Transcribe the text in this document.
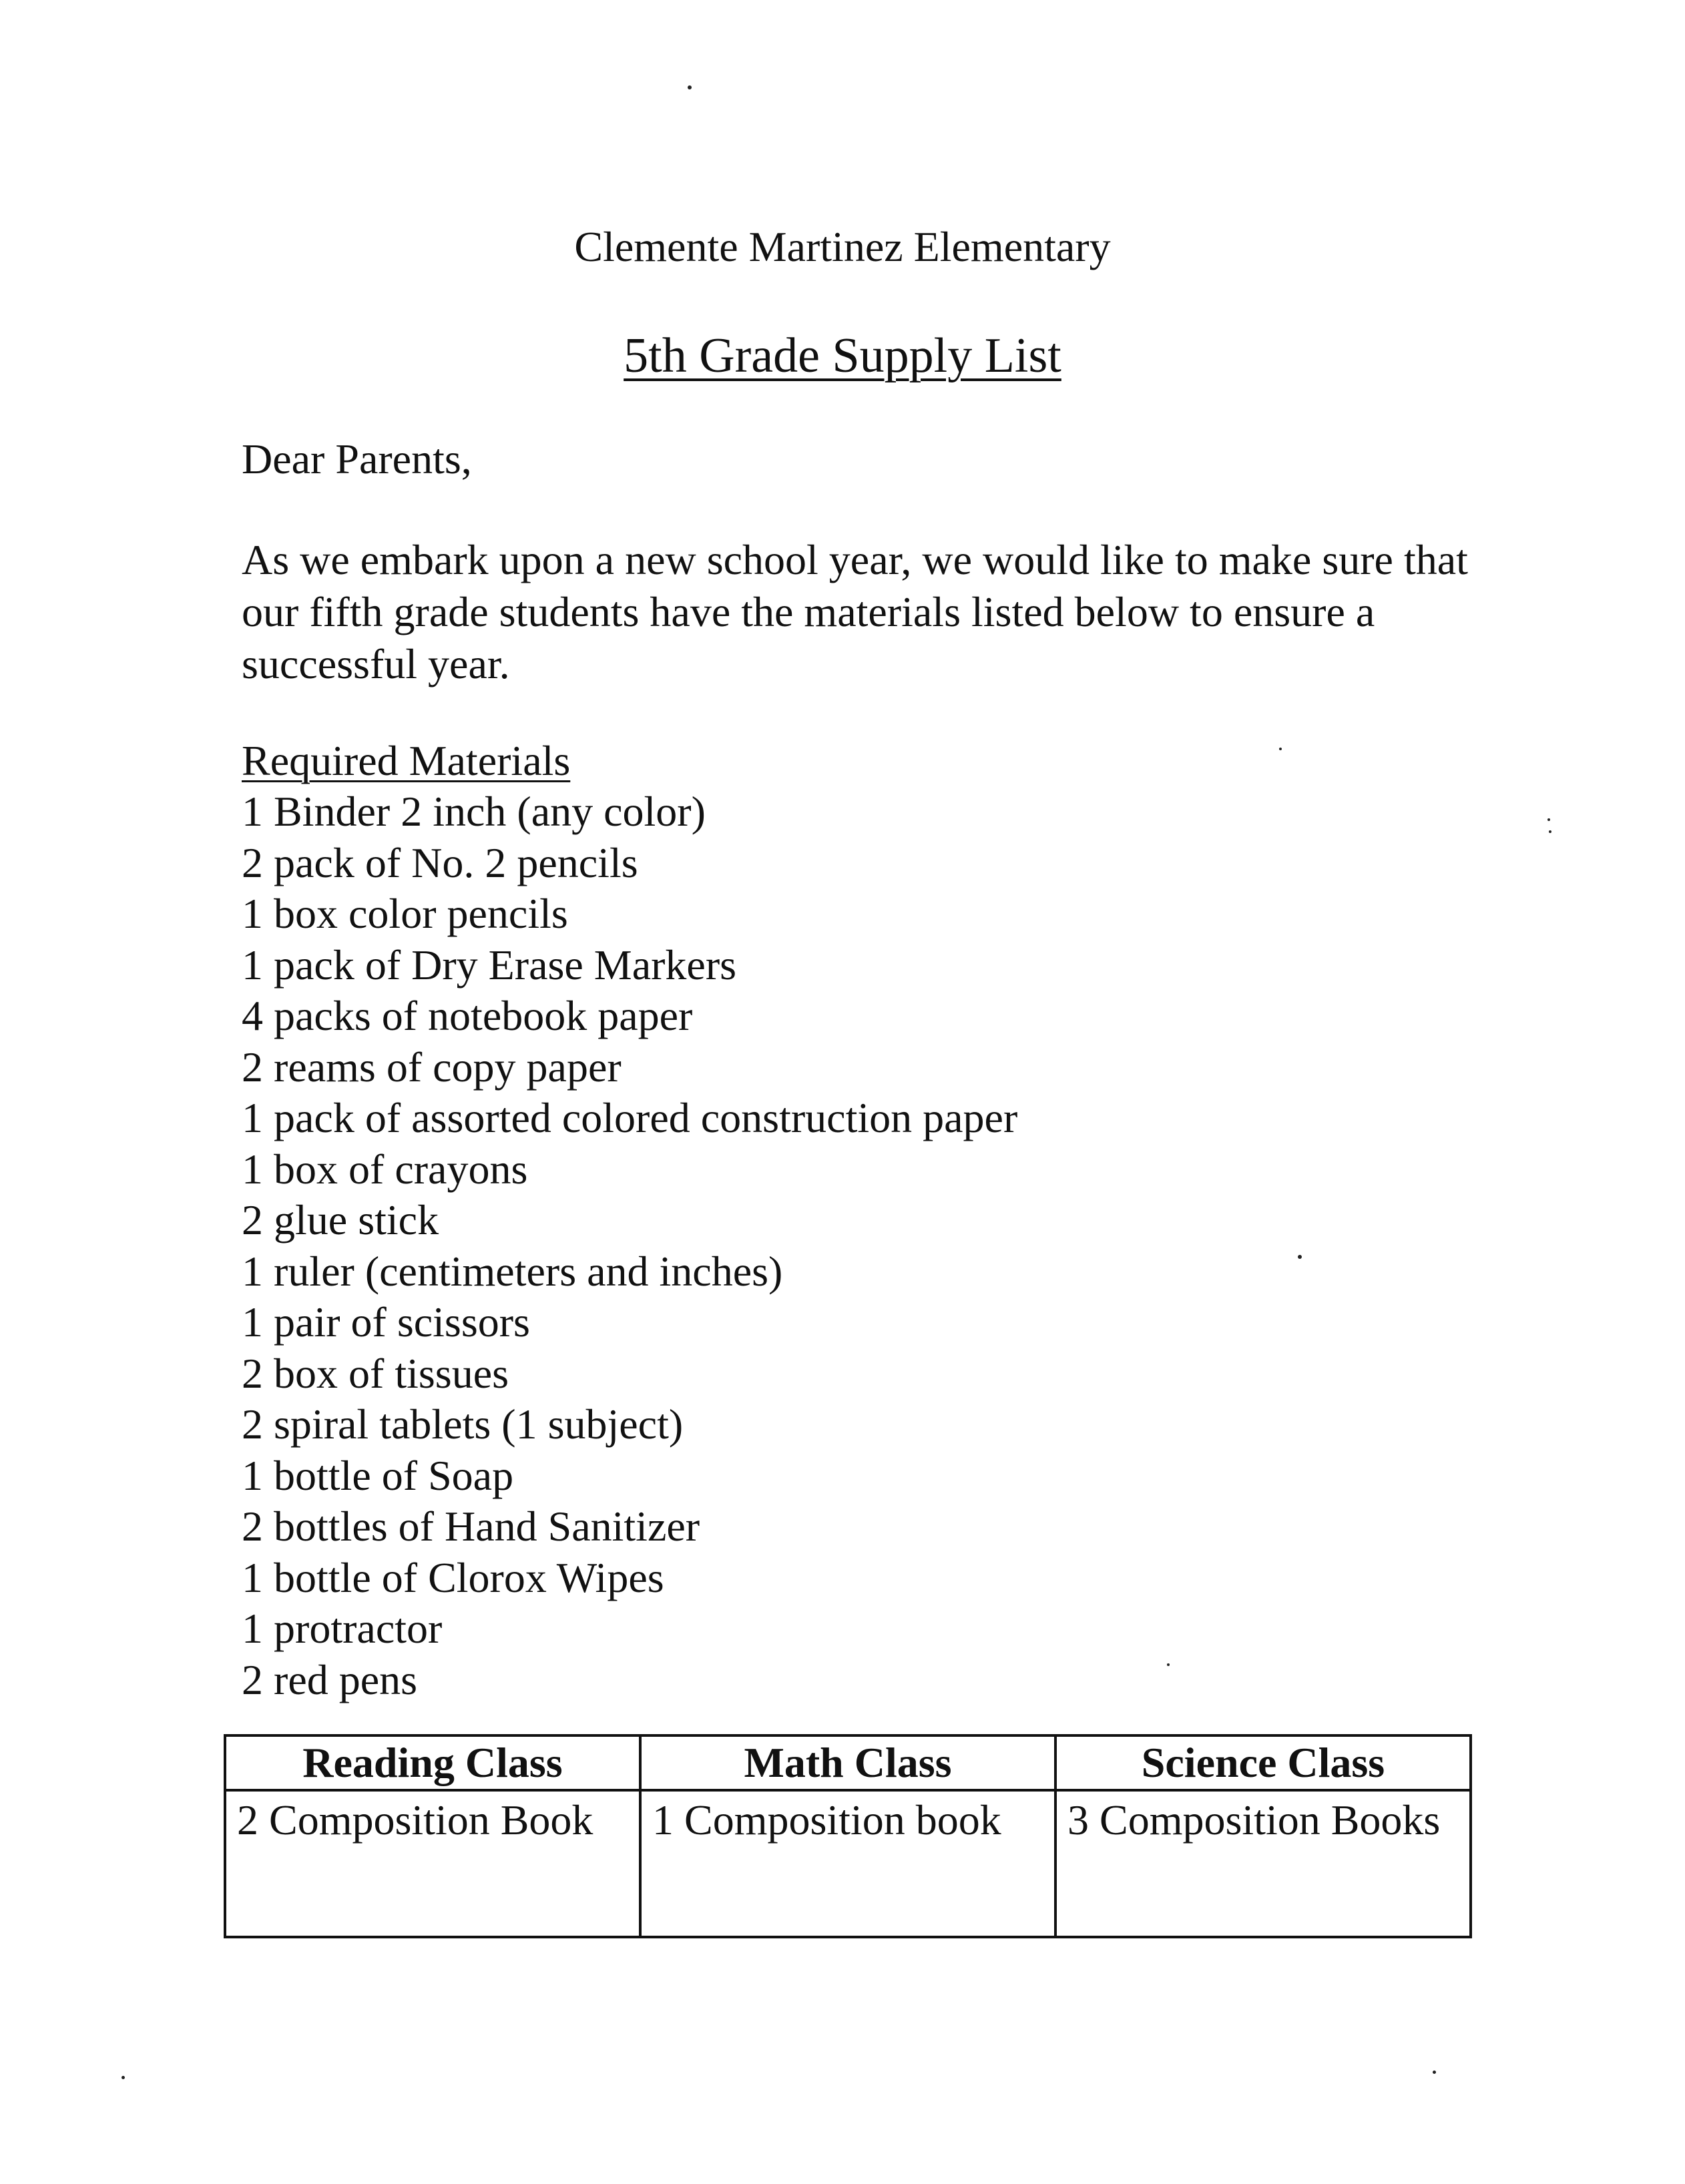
Clemente Martinez Elementary
5th Grade Supply List
Dear Parents,
As we embark upon a new school year, we would like to make sure that our fifth grade students have the materials listed below to ensure a successful year.
Required Materials
1 Binder 2 inch (any color)
2 pack of No. 2 pencils
1 box color pencils
1 pack of Dry Erase Markers
4 packs of notebook paper
2 reams of copy paper
1 pack of assorted colored construction paper
1 box of crayons
2 glue stick
1 ruler (centimeters and inches)
1 pair of scissors
2 box of tissues
2 spiral tablets (1 subject)
1 bottle of Soap
2 bottles of Hand Sanitizer
1 bottle of Clorox Wipes
1 protractor
2 red pens
Reading Class	Math Class	Science Class
2 Composition Book	1 Composition book	3 Composition Books
